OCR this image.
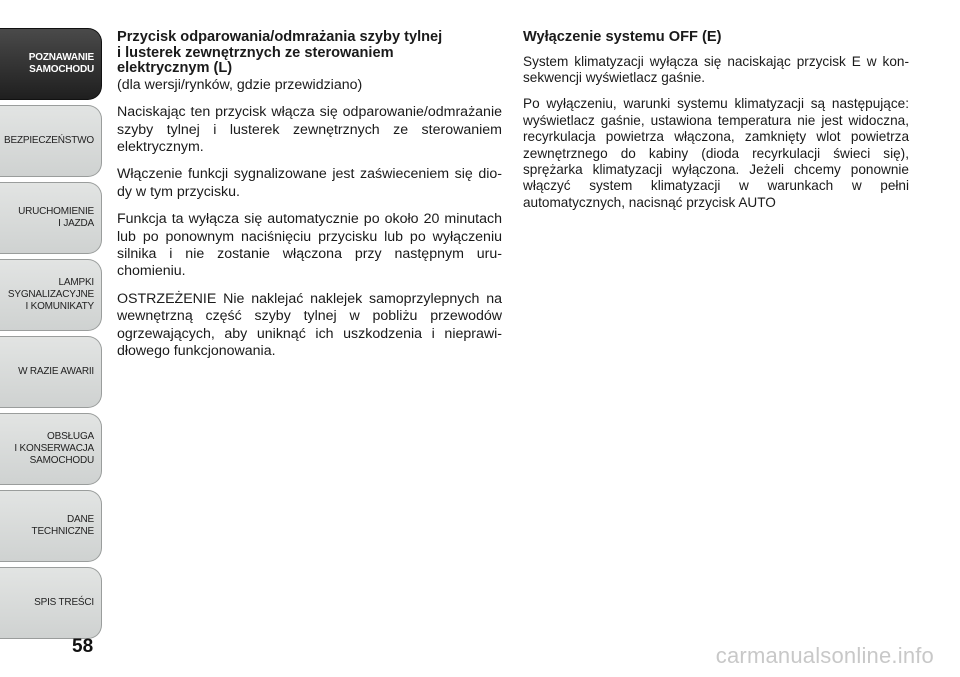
POZNAWANIE
SAMOCHODU
BEZPIECZEŃSTWO
URUCHOMIENIE
I JAZDA
LAMPKI
SYGNALIZACYJNE
I KOMUNIKATY
W RAZIE AWARII
OBSŁUGA
I KONSERWACJA
SAMOCHODU
DANE
TECHNICZNE
SPIS TREŚCI
58
Przycisk odparowania/odmrażania szyby tylnej
i lusterek zewnętrznych ze sterowaniem
elektrycznym (L)

(dla wersji/rynków, gdzie przewidziano)

Naciskając ten przycisk włącza się odparowanie/odmrażanie szyby tylnej i lusterek zewnętrznych ze sterowaniem elektrycznym.

Włączenie funkcji sygnalizowane jest zaświeceniem się diody w tym przycisku.

Funkcja ta wyłącza się automatycznie po około 20 minutach lub po ponownym naciśnięciu przycisku lub po wyłączeniu silnika i nie zostanie włączona przy następnym uruchomieniu.

OSTRZEŻENIE Nie naklejać naklejek samoprzylepnych na wewnętrzną część szyby tylnej w pobliżu przewodów ogrzewających, aby uniknąć ich uszkodzenia i nieprawidłowego funkcjonowania.

Wyłączenie systemu OFF (E)

System klimatyzacji wyłącza się naciskając przycisk E w konsekwencji wyświetlacz gaśnie.

Po wyłączeniu, warunki systemu klimatyzacji są następujące: wyświetlacz gaśnie, ustawiona temperatura nie jest widoczna, recyrkulacja powietrza włączona, zamknięty wlot powietrza zewnętrznego do kabiny (dioda recyrkulacji świeci się), sprężarka klimatyzacji wyłączona. Jeżeli chcemy ponownie włączyć system klimatyzacji w warunkach w pełni automatycznych, nacisnąć przycisk AUTO

carmanualsonline.info
